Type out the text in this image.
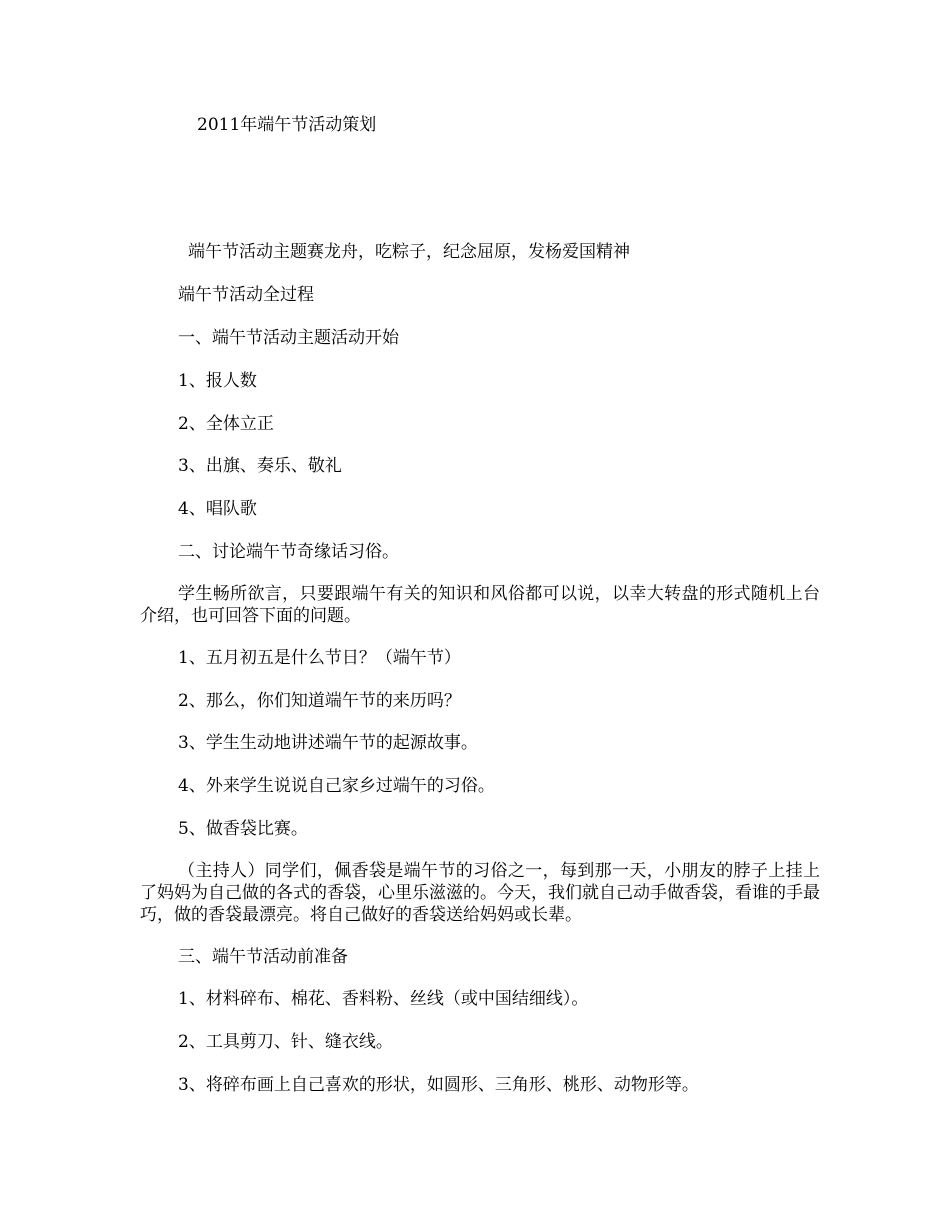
2011年端午节活动策划

端午节活动主题赛龙舟，吃粽子，纪念屈原，发杨爱国精神

端午节活动全过程

一、端午节活动主题活动开始

1、报人数

2、全体立正

3、出旗、奏乐、敬礼

4、唱队歌

二、讨论端午节奇缘话习俗。

学生畅所欲言，只要跟端午有关的知识和风俗都可以说，以幸大转盘的形式随机上台介绍，也可回答下面的问题。

1、五月初五是什么节日？（端午节）

2、那么，你们知道端午节的来历吗？

3、学生生动地讲述端午节的起源故事。

4、外来学生说说自己家乡过端午的习俗。

5、做香袋比赛。

（主持人）同学们，佩香袋是端午节的习俗之一，每到那一天，小朋友的脖子上挂上了妈妈为自己做的各式的香袋，心里乐滋滋的。今天，我们就自己动手做香袋，看谁的手最巧，做的香袋最漂亮。将自己做好的香袋送给妈妈或长辈。

三、端午节活动前准备

1、材料碎布、棉花、香料粉、丝线（或中国结细线）。

2、工具剪刀、针、缝衣线。

3、将碎布画上自己喜欢的形状，如圆形、三角形、桃形、动物形等。
